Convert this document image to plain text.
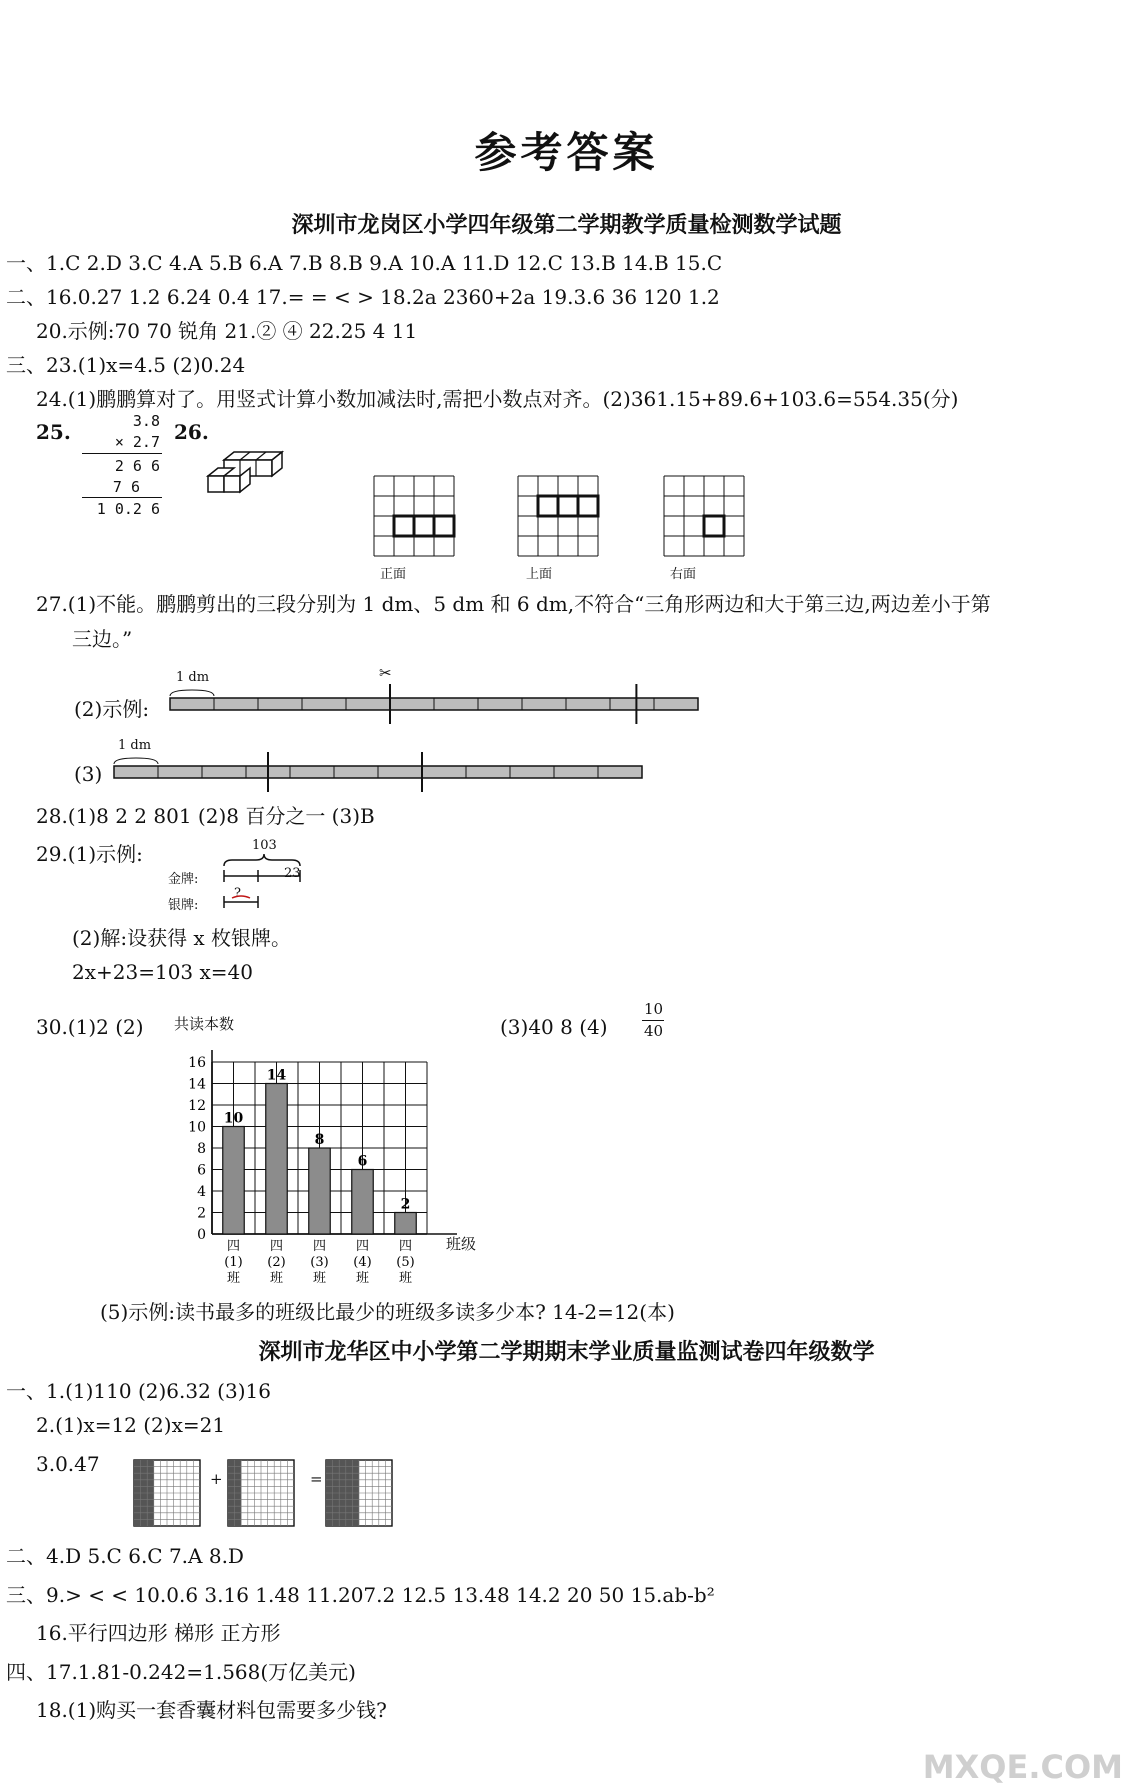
参考答案
深圳市龙岗区小学四年级第二学期教学质量检测数学试题
一、1.C 2.D 3.C 4.A 5.B 6.A 7.B 8.B 9.A 10.A 11.D 12.C 13.B 14.B 15.C
二、16.0.27 1.2 6.24 0.4 17.= = < > 18.2a 2360+2a 19.3.6 36 120 1.2
20.示例:70 70 锐角 21.② ④ 22.25 4 11
三、23.(1)x=4.5 (2)0.24
24.(1)鹏鹏算对了。用竖式计算小数加减法时,需把小数点对齐。(2)361.15+89.6+103.6=554.35(分)
25.	3.8
× 2.7
2 6 6
7 6
1 0.2 6
26.
正面	上面	右面
27.(1)不能。鹏鹏剪出的三段分别为 1 dm、5 dm 和 6 dm,不符合“三角形两边和大于第三边,两边差小于第
三边。”
(2)示例:
1 dm	✂
(3)
1 dm
28.(1)8 2 2 801 (2)8 百分之一 (3)B
29.(1)示例:	103
金牌:
银牌:
23
?
(2)解:设获得 x 枚银牌。
2x+23=103 x=40
30.(1)2 (2) 共读本数	(3)40 8 (4)
10
40
0
2
4
6
8
10
12
14
16
10
四
(1)
班
14
四
(2)
班
8
四
(3)
班
6
四
(4)
班
2
四
(5)
班
班级
(5)示例:读书最多的班级比最少的班级多读多少本? 14-2=12(本)
深圳市龙华区中小学第二学期期末学业质量监测试卷四年级数学
一、1.(1)110 (2)6.32 (3)16
2.(1)x=12 (2)x=21
3.0.47
+	=
二、4.D 5.C 6.C 7.A 8.D
三、9.> < < 10.0.6 3.16 1.48 11.207.2 12.5 13.48 14.2 20 50 15.ab-b²
16.平行四边形 梯形 正方形
四、17.1.81-0.242=1.568(万亿美元)
18.(1)购买一套香囊材料包需要多少钱?
MXQE.COM
